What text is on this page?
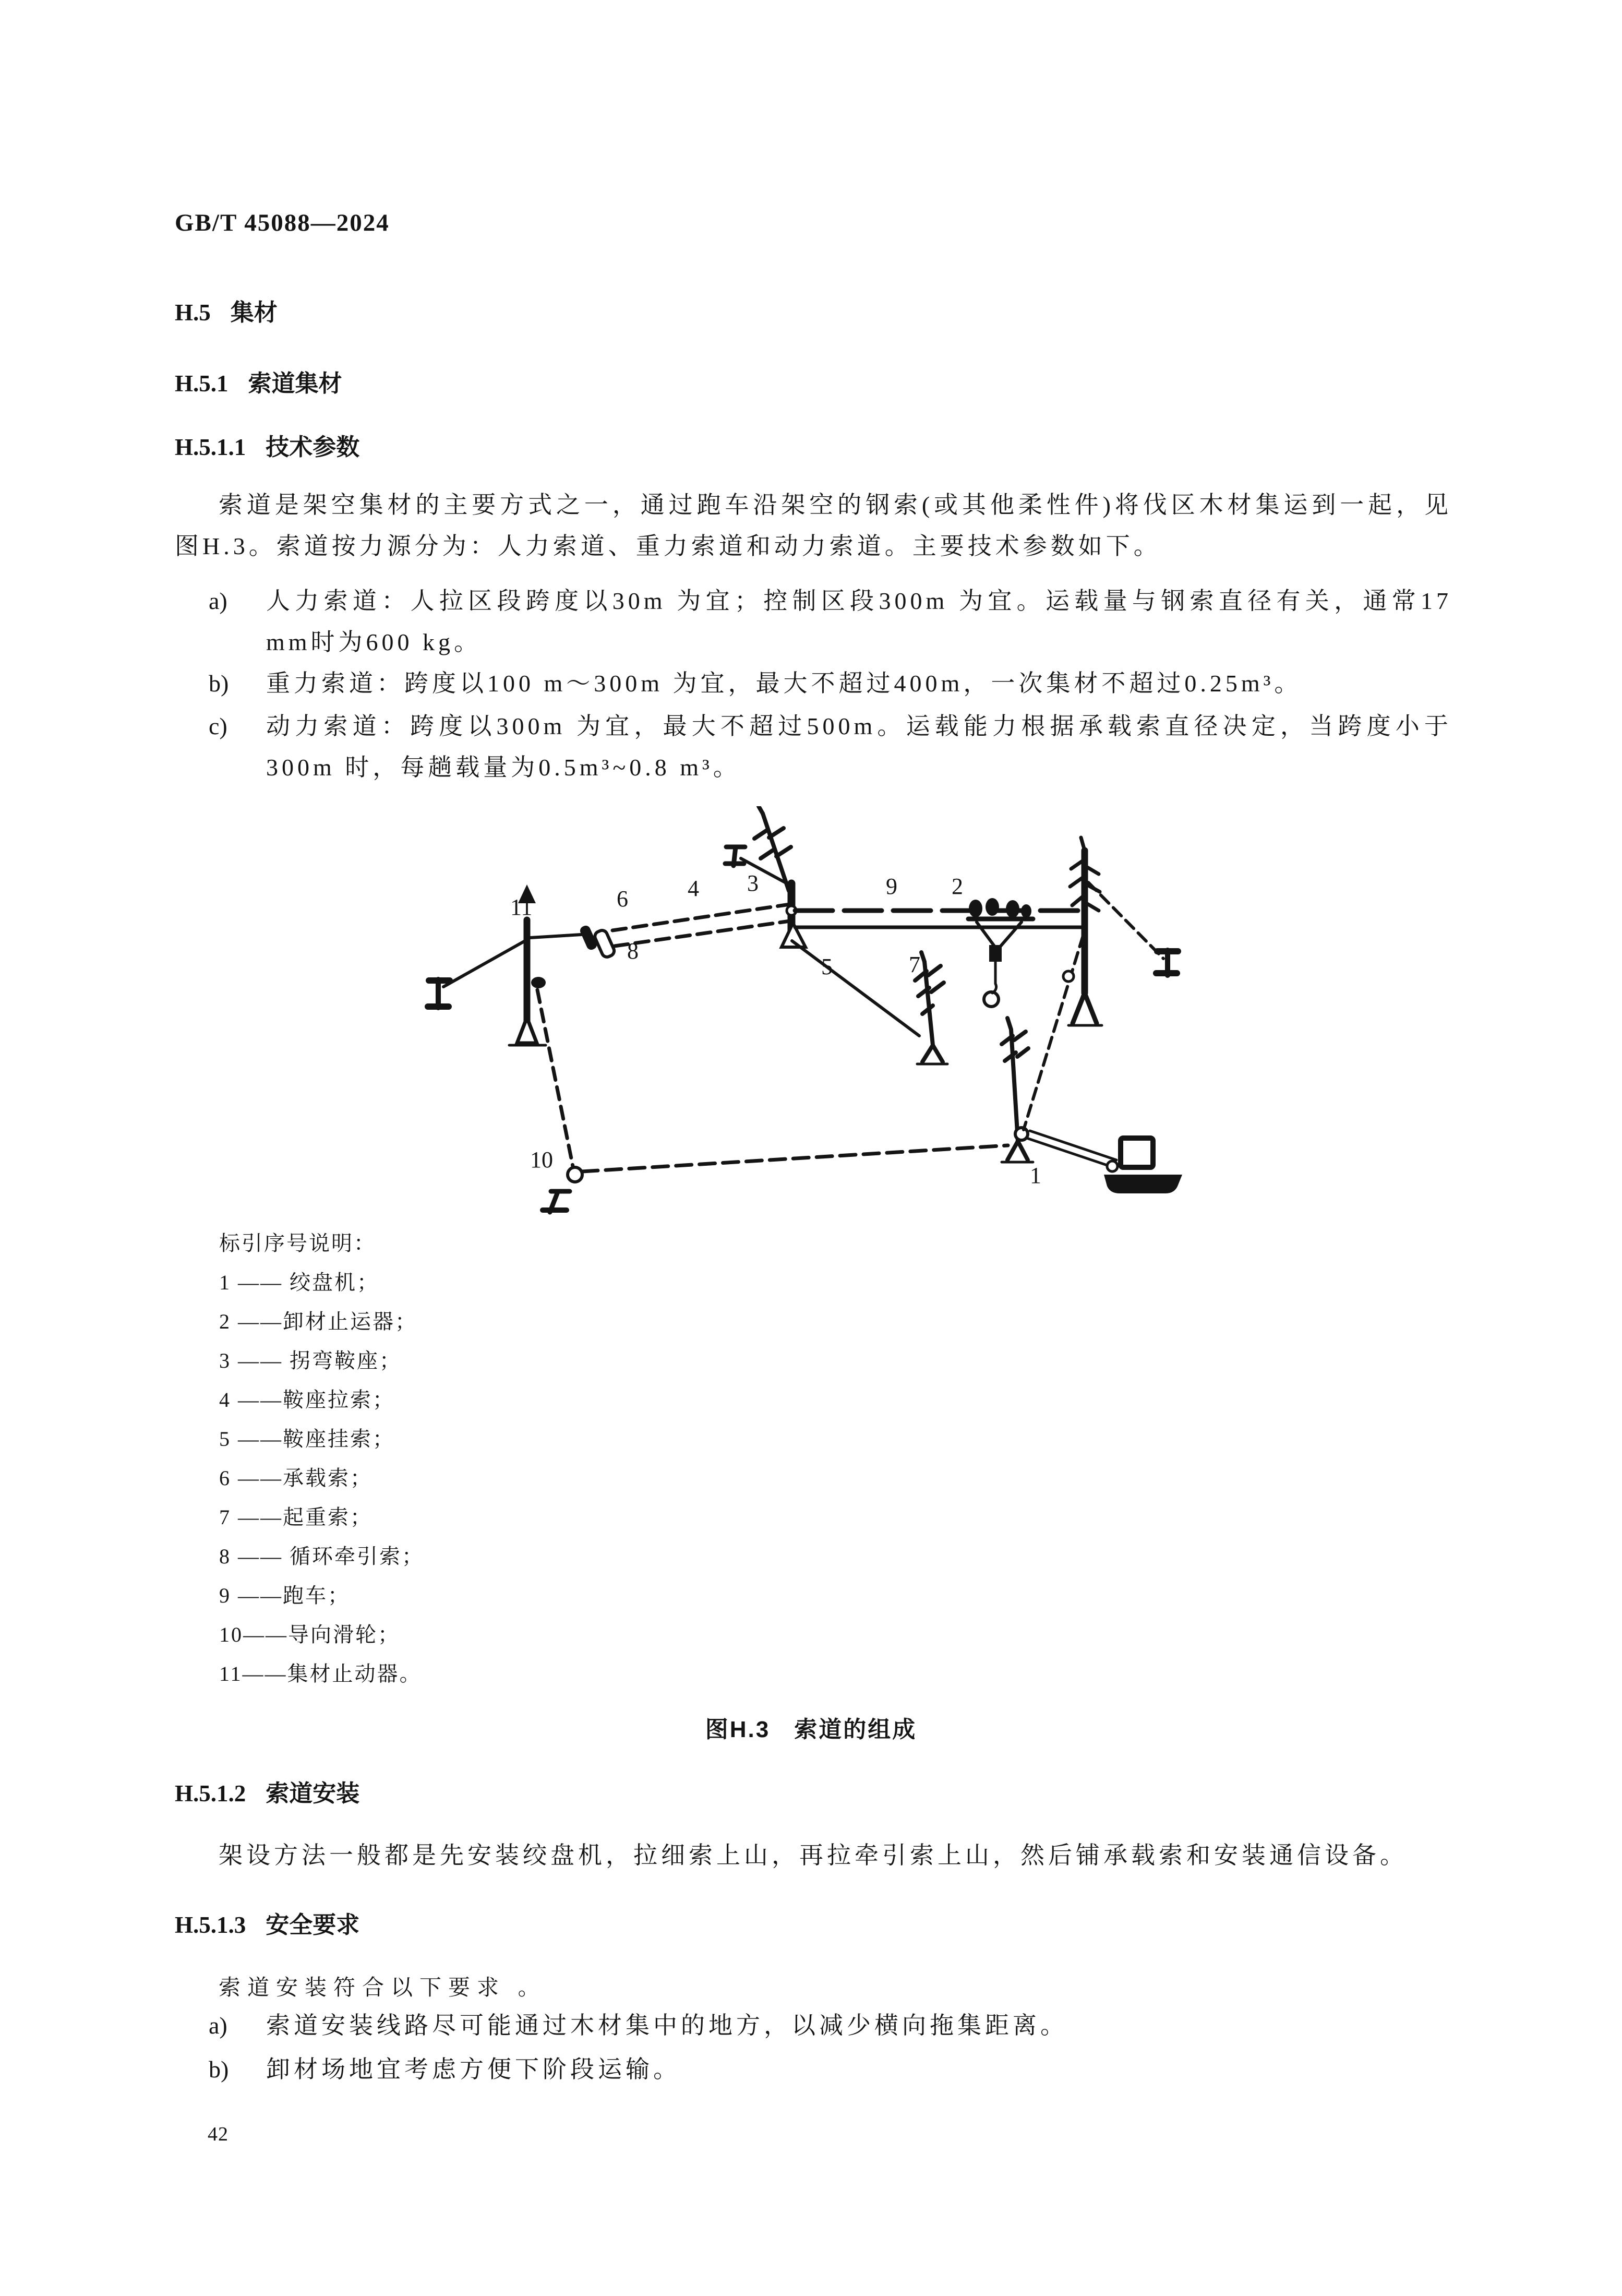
GB/T 45088—2024
H.5 集材
H.5.1 索道集材
H.5.1.1 技术参数
索道是架空集材的主要方式之一，通过跑车沿架空的钢索(或其他柔性件)将伐区木材集运到一起，见图H.3。索道按力源分为：人力索道、重力索道和动力索道。主要技术参数如下。
a) 人力索道：人拉区段跨度以30m 为宜；控制区段300m 为宜。运载量与钢索直径有关，通常17 mm时为600 kg。
b) 重力索道：跨度以100 m～300m 为宜，最大不超过400m，一次集材不超过0.25m³。
c) 动力索道：跨度以300m 为宜，最大不超过500m。运载能力根据承载索直径决定，当跨度小于300m 时，每趟载量为0.5m³~0.8 m³。
11	6
8
4 3	9 2
5	7
10
1
标引序号说明：
1 —— 绞盘机；
2 ——卸材止运器；
3 —— 拐弯鞍座；
4 ——鞍座拉索；
5 ——鞍座挂索；
6 ——承载索；
7 ——起重索；
8 —— 循环牵引索；
9 ——跑车；
10——导向滑轮；
11——集材止动器。
图H.3 索道的组成
H.5.1.2 索道安装
架设方法一般都是先安装绞盘机，拉细索上山，再拉牵引索上山，然后铺承载索和安装通信设备。
H.5.1.3 安全要求
索道安装符合以下要求 。
a) 索道安装线路尽可能通过木材集中的地方，以减少横向拖集距离。
b) 卸材场地宜考虑方便下阶段运输。
42
